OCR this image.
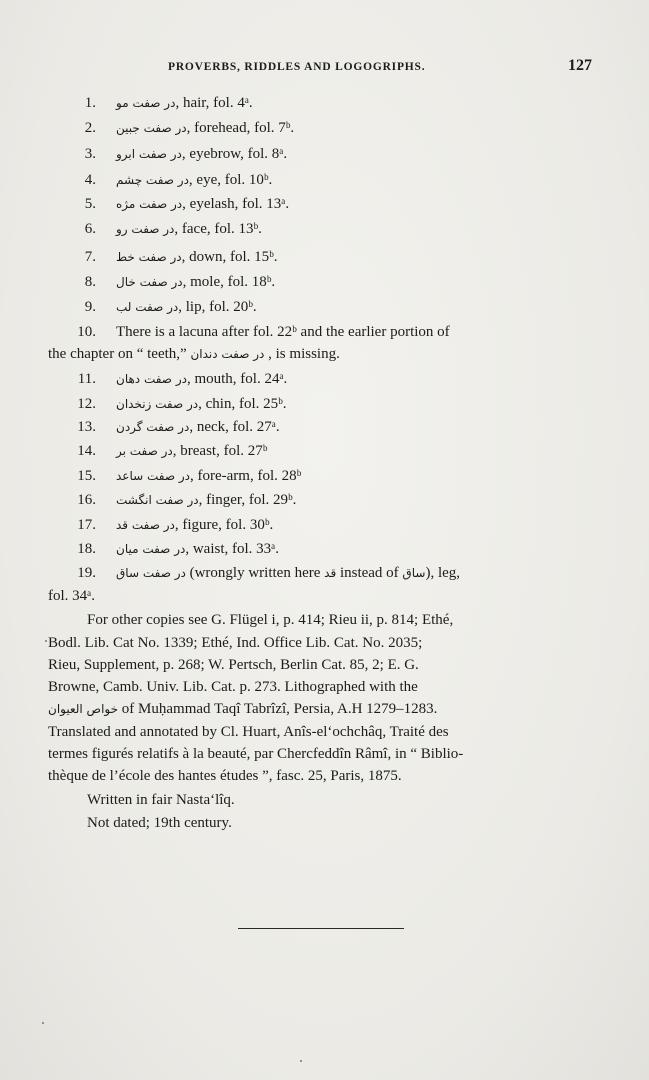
PROVERBS, RIDDLES AND LOGOGRIPHS.	127
1. در صفت مو, hair, fol. 4ᵃ.
2. در صفت جبین, forehead, fol. 7ᵇ.
3. در صفت ابرو, eyebrow, fol. 8ᵃ.
4. در صفت چشم, eye, fol. 10ᵇ.
5. در صفت مژه, eyelash, fol. 13ᵃ.
6. در صفت رو, face, fol. 13ᵇ.
7. در صفت خط, down, fol. 15ᵇ.
8. در صفت خال, mole, fol. 18ᵇ.
9. در صفت لب, lip, fol. 20ᵇ.
10. There is a lacuna after fol. 22ᵇ and the earlier portion of
the chapter on “ teeth,” در صفت دندان , is missing.
11. در صفت دهان, mouth, fol. 24ᵃ.
12. در صفت زنخدان, chin, fol. 25ᵇ.
13. در صفت گردن, neck, fol. 27ᵃ.
14. در صفت بر, breast, fol. 27ᵇ
15. در صفت ساعد, fore-arm, fol. 28ᵇ
16. در صفت انگشت, finger, fol. 29ᵇ.
17. در صفت قد, figure, fol. 30ᵇ.
18. در صفت میان, waist, fol. 33ᵃ.
19. در صفت ساق (wrongly written here قد instead of ساق), leg,
fol. 34ᵃ.
For other copies see G. Flügel i, p. 414; Rieu ii, p. 814; Ethé,
Bodl. Lib. Cat No. 1339; Ethé, Ind. Office Lib. Cat. No. 2035;
Rieu, Supplement, p. 268; W. Pertsch, Berlin Cat. 85, 2; E. G.
Browne, Camb. Univ. Lib. Cat. p. 273. Lithographed with the
خواص العیوان of Muḥammad Taqî Tabrîzî, Persia, A.H 1279–1283.
Translated and annotated by Cl. Huart, Anîs-el‘ochchâq, Traité des
termes figurés relatifs à la beauté, par Chercfeddîn Râmî, in “ Biblio-
thèque de l’école des hantes études ”, fasc. 25, Paris, 1875.
Written in fair Nasta‘lîq.
Not dated; 19th century.
